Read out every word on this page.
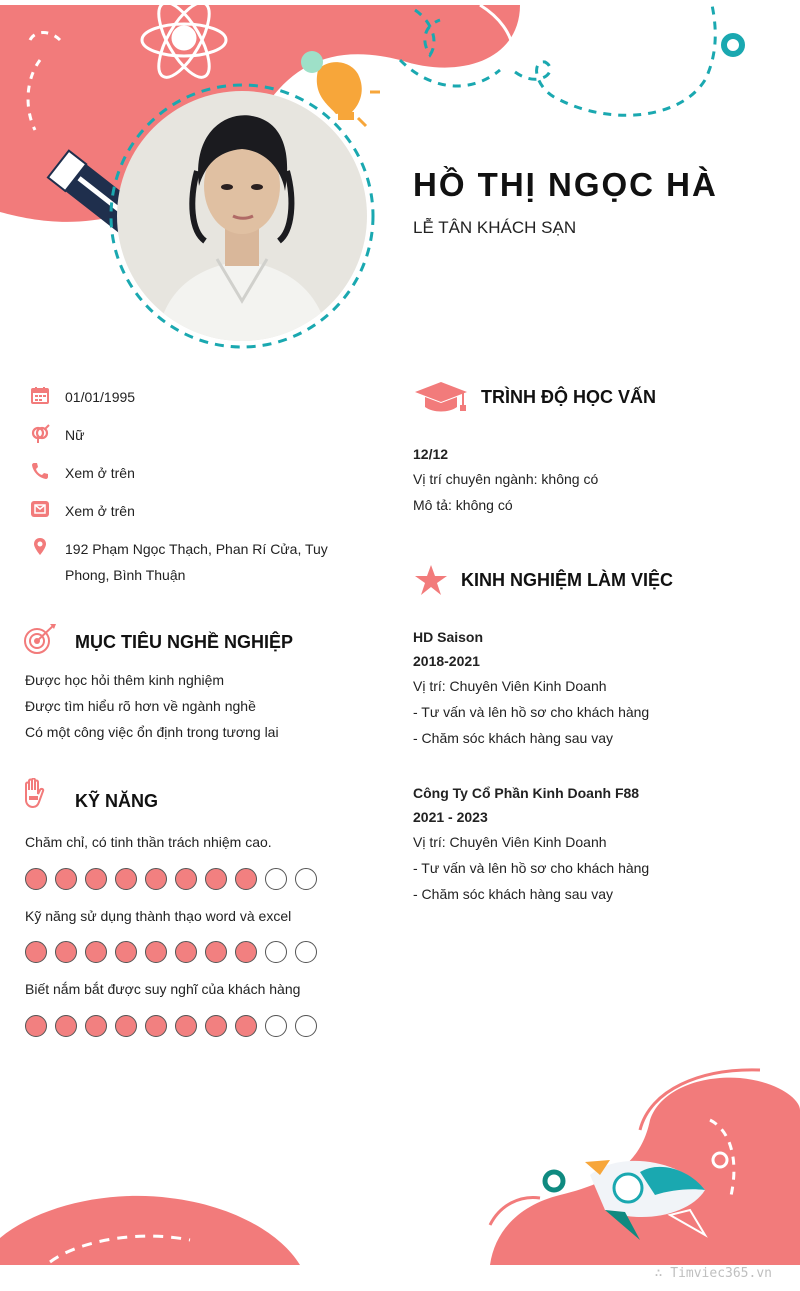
HỒ THỊ NGỌC HÀ
LỄ TÂN KHÁCH SẠN
01/01/1995
Nữ
Xem ở trên
Xem ở trên
192 Phạm Ngọc Thạch, Phan Rí Cửa, Tuy Phong, Bình Thuận
MỤC TIÊU NGHỀ NGHIỆP
Được học hỏi thêm kinh nghiệm
Được tìm hiểu rõ hơn về ngành nghề
Có một công việc ổn định trong tương lai
KỸ NĂNG
Chăm chỉ, có tinh thần trách nhiệm cao.
Kỹ năng sử dụng thành thạo word và excel
Biết nắm bắt được suy nghĩ của khách hàng
TRÌNH ĐỘ HỌC VẤN
12/12
Vị trí chuyên ngành: không có
Mô tả: không có
KINH NGHIỆM LÀM VIỆC
HD Saison
2018-2021
Vị trí: Chuyên Viên Kinh Doanh
- Tư vấn và lên hồ sơ cho khách hàng
- Chăm sóc khách hàng sau vay
Công Ty Cổ Phần Kinh Doanh F88
2021 - 2023
Vị trí: Chuyên Viên Kinh Doanh
- Tư vấn và lên hồ sơ cho khách hàng
- Chăm sóc khách hàng sau vay
∴ Timviec365.vn
